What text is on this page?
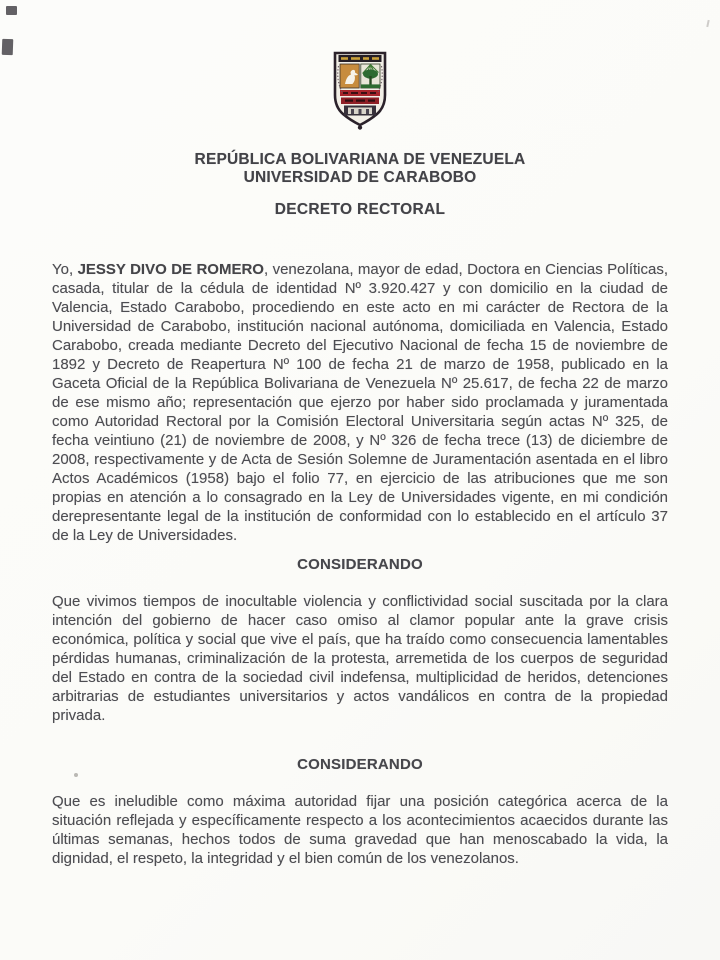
REPÚBLICA BOLIVARIANA DE VENEZUELA
UNIVERSIDAD DE CARABOBO
DECRETO RECTORAL

Yo, JESSY DIVO DE ROMERO, venezolana, mayor de edad, Doctora en Ciencias Políticas, casada, titular de la cédula de identidad Nº 3.920.427 y con domicilio en la ciudad de Valencia, Estado Carabobo, procediendo en este acto en mi carácter de Rectora de la Universidad de Carabobo, institución nacional autónoma, domiciliada en Valencia, Estado Carabobo, creada mediante Decreto del Ejecutivo Nacional de fecha 15 de noviembre de 1892 y Decreto de Reapertura Nº 100 de fecha 21 de marzo de 1958, publicado en la Gaceta Oficial de la República Bolivariana de Venezuela Nº 25.617, de fecha 22 de marzo de ese mismo año; representación que ejerzo por haber sido proclamada y juramentada como Autoridad Rectoral por la Comisión Electoral Universitaria según actas Nº 325, de fecha veintiuno (21) de noviembre de 2008, y Nº 326 de fecha trece (13) de diciembre de 2008, respectivamente y de Acta de Sesión Solemne de Juramentación asentada en el libro Actos Académicos (1958) bajo el folio 77, en ejercicio de las atribuciones que me son propias en atención a lo consagrado en la Ley de Universidades vigente, en mi condición derepresentante legal de la institución de conformidad con lo establecido en el artículo 37 de la Ley de Universidades.

CONSIDERANDO

Que vivimos tiempos de inocultable violencia y conflictividad social suscitada por la clara intención del gobierno de hacer caso omiso al clamor popular ante la grave crisis económica, política y social que vive el país, que ha traído como consecuencia lamentables pérdidas humanas, criminalización de la protesta, arremetida de los cuerpos de seguridad del Estado en contra de la sociedad civil indefensa, multiplicidad de heridos, detenciones arbitrarias de estudiantes universitarios y actos vandálicos en contra de la propiedad privada.

CONSIDERANDO

Que es ineludible como máxima autoridad fijar una posición categórica acerca de la situación reflejada y específicamente respecto a los acontecimientos acaecidos durante las últimas semanas, hechos todos de suma gravedad que han menoscabado la vida, la dignidad, el respeto, la integridad y el bien común de los venezolanos.
